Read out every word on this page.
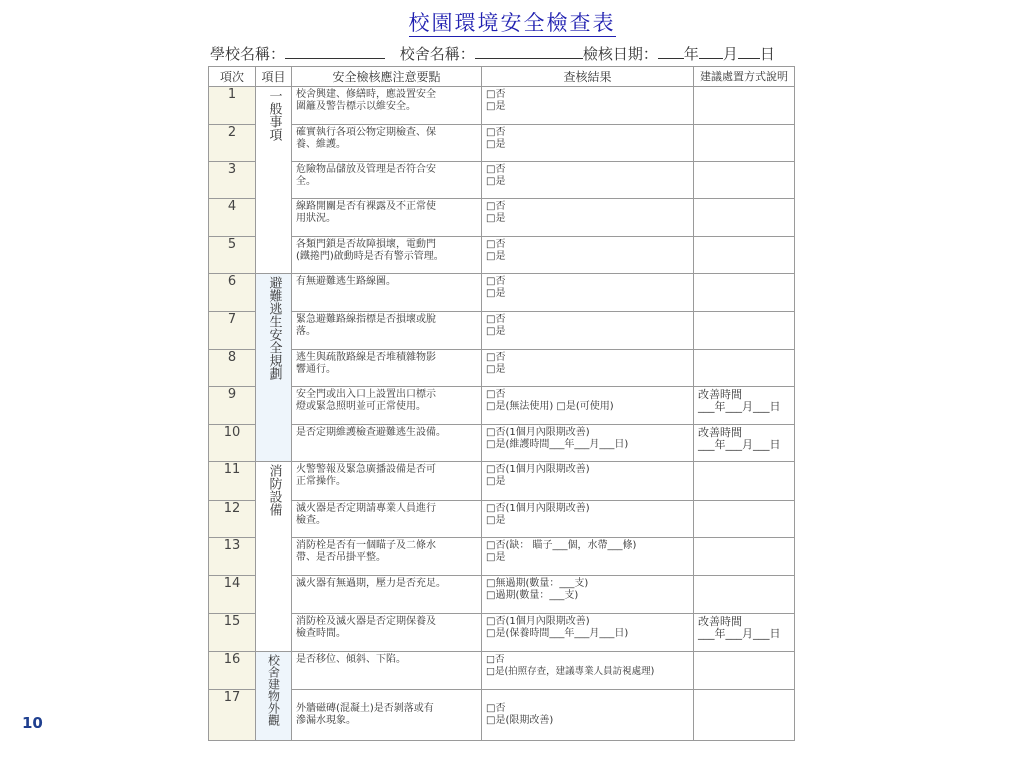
校園環境安全檢查表
學校名稱：	校舍名稱：	檢核日期： 年 月 日
項次	項目	安全檢核應注意要點	查核結果	建議處置方式說明
1	一般事項	校舍興建、修繕時，應設置安全
圍籬及警告標示以維安全。	□否
□是	
2		確實執行各項公物定期檢查、保
養、維護。	□否
□是	
3		危險物品儲放及管理是否符合安
全。	□否
□是	
4		線路開關是否有裸露及不正常使
用狀況。	□否
□是	
5		各類門鎖是否故障損壞，電動門
(鐵捲門)啟動時是否有警示管理。	□否
□是	
6	避難逃生安全規劃	有無避難逃生路線圖。	□否
□是	
7		緊急避難路線指標是否損壞或脫
落。	□否
□是	
8		逃生與疏散路線是否堆積雜物影
響通行。	□否
□是	
9		安全門或出入口上設置出口標示
燈或緊急照明並可正常使用。	□否
□是(無法使用) □是(可使用)	改善時間
___年___月___日
10		是否定期維護檢查避難逃生設備。	□否(1個月內限期改善)
□是(維護時間___年___月___日)	改善時間
___年___月___日
11	消防設備	火警警報及緊急廣播設備是否可
正常操作。	□否(1個月內限期改善)
□是	
12		滅火器是否定期請專業人員進行
檢查。	□否(1個月內限期改善)
□是	
13		消防栓是否有一個瞄子及二條水
帶、是否吊掛平整。	□否(缺： 瞄子___個，水帶___條)
□是	
14		滅火器有無過期，壓力是否充足。	□無過期(數量：___支)
□過期(數量：___支)	
15		消防栓及滅火器是否定期保養及
檢查時間。	□否(1個月內限期改善)
□是(保養時間___年___月___日)	改善時間
___年___月___日
16	校舍建物外觀	是否移位、傾斜、下陷。	□否
□是(拍照存查，建議專業人員訪視處理)	
17		外牆磁磚(混凝土)是否剝落或有
滲漏水現象。	□否
□是(限期改善)	
10
